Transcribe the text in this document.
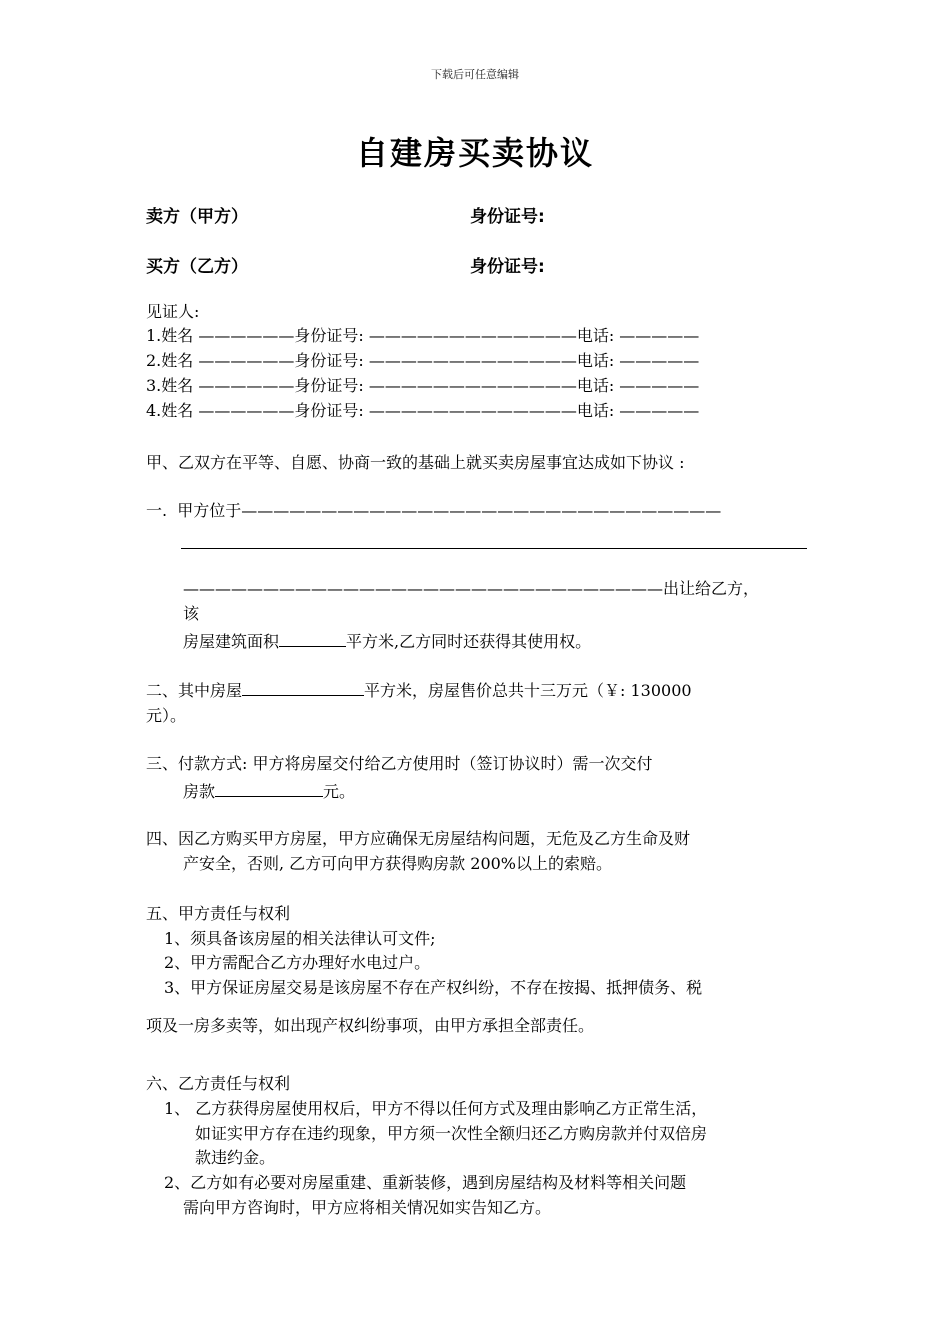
下载后可任意编辑
自建房买卖协议
卖方（甲方）	身份证号:
买方（乙方）	身份证号:
见证人:
1.姓名 ——————身份证号: —————————————电话: —————
2.姓名 ——————身份证号: —————————————电话: —————
3.姓名 ——————身份证号: —————————————电话: —————
4.姓名 ——————身份证号: —————————————电话: —————
甲、乙双方在平等、自愿、协商一致的基础上就买卖房屋事宜达成如下协议 :
一.  甲方位于——————————————————————————————
——————————————————————————————出让给乙方，
该
房屋建筑面积	平方米,乙方同时还获得其使用权。
二、其中房屋	平方米，房屋售价总共十三万元（￥: 130000
元）。
三、付款方式: 甲方将房屋交付给乙方使用时（签订协议时）需一次交付
房款	元。
四、因乙方购买甲方房屋，甲方应确保无房屋结构问题，无危及乙方生命及财
产安全，否则, 乙方可向甲方获得购房款 200%以上的索赔。
五、甲方责任与权利
1、须具备该房屋的相关法律认可文件;
2、甲方需配合乙方办理好水电过户。
3、甲方保证房屋交易是该房屋不存在产权纠纷，不存在按揭、抵押债务、税
项及一房多卖等，如出现产权纠纷事项，由甲方承担全部责任。
六、乙方责任与权利
1、 乙方获得房屋使用权后，甲方不得以任何方式及理由影响乙方正常生活，
如证实甲方存在违约现象，甲方须一次性全额归还乙方购房款并付双倍房
款违约金。
2、乙方如有必要对房屋重建、重新装修，遇到房屋结构及材料等相关问题
需向甲方咨询时，甲方应将相关情况如实告知乙方。
